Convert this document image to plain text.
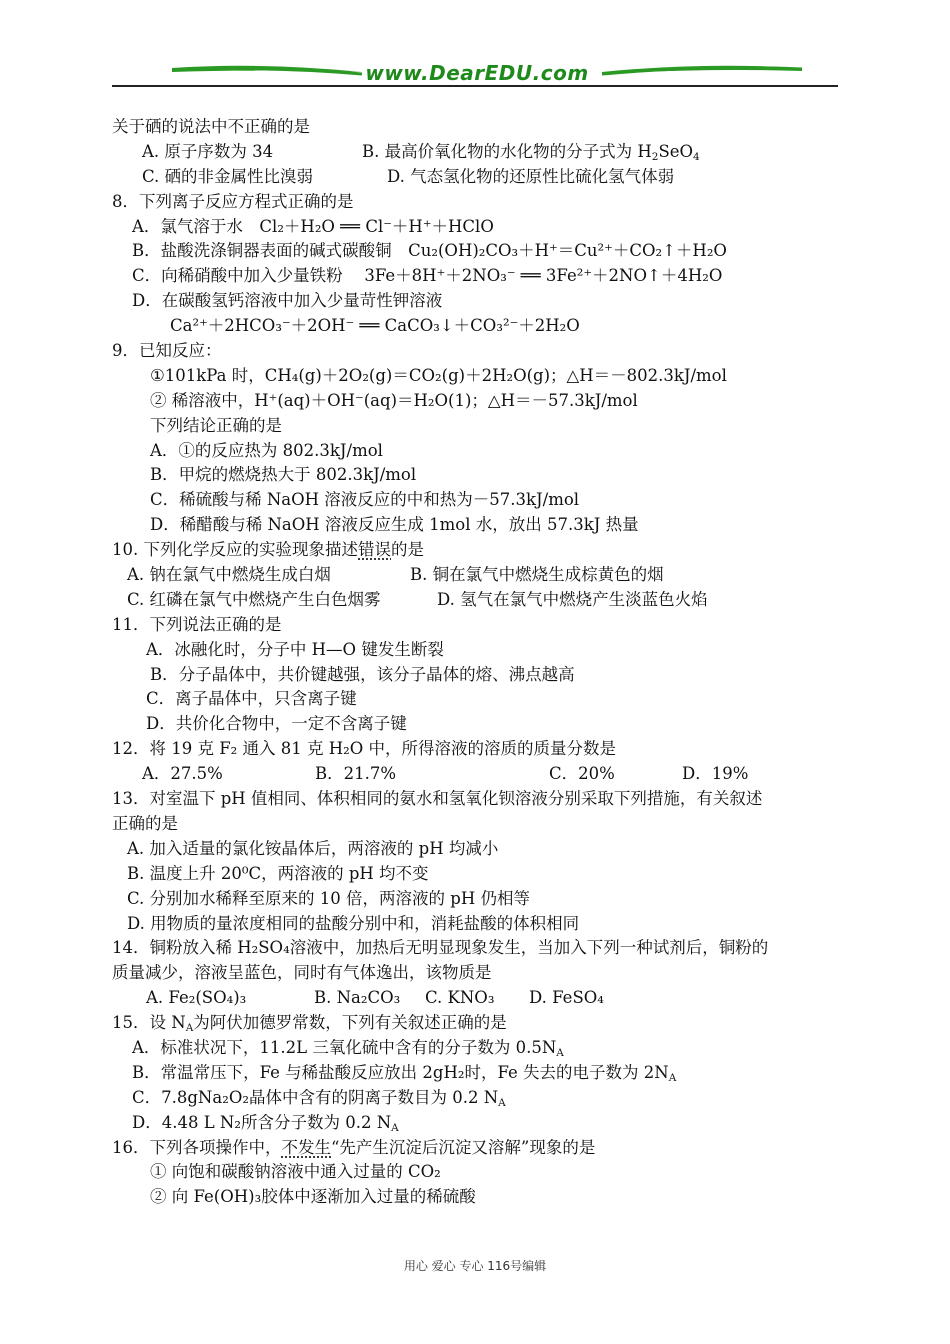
www.DearEDU.com
关于硒的说法中不正确的是
A. 原子序数为 34	B. 最高价氧化物的水化物的分子式为 $H_2SeO_4$
C. 硒的非金属性比溴弱	D. 气态氢化物的还原性比硫化氢气体弱
8．下列离子反应方程式正确的是
A．氯气溶于水　Cl₂＋H₂O ══ Cl⁻＋H⁺＋HClO
B．盐酸洗涤铜器表面的碱式碳酸铜　Cu₂(OH)₂CO₃＋H⁺＝Cu²⁺＋CO₂↑＋H₂O
C．向稀硝酸中加入少量铁粉　 3Fe＋8H⁺＋2NO₃⁻ ══ 3Fe²⁺＋2NO↑＋4H₂O
D．在碳酸氢钙溶液中加入少量苛性钾溶液
Ca²⁺＋2HCO₃⁻＋2OH⁻ ══ CaCO₃↓＋CO₃²⁻＋2H₂O
9．已知反应：
①101kPa 时，CH₄(g)＋2O₂(g)＝CO₂(g)＋2H₂O(g)；△H＝－802.3kJ/mol
② 稀溶液中，H⁺(aq)＋OH⁻(aq)＝H₂O(1)；△H＝－57.3kJ/mol
下列结论正确的是
A．①的反应热为 802.3kJ/mol
B．甲烷的燃烧热大于 802.3kJ/mol
C．稀硫酸与稀 NaOH 溶液反应的中和热为－57.3kJ/mol
D．稀醋酸与稀 NaOH 溶液反应生成 1mol 水，放出 57.3kJ 热量
10. 下列化学反应的实验现象描述错误的是
A. 钠在氯气中燃烧生成白烟	B. 铜在氯气中燃烧生成棕黄色的烟
C. 红磷在氯气中燃烧产生白色烟雾	D. 氢气在氯气中燃烧产生淡蓝色火焰
11．下列说法正确的是
A．冰融化时，分子中 H—O 键发生断裂
B．分子晶体中，共价键越强，该分子晶体的熔、沸点越高
C．离子晶体中，只含离子键
D．共价化合物中，一定不含离子键
12．将 19 克 F₂ 通入 81 克 H₂O 中，所得溶液的溶质的质量分数是
A．27.5%	B．21.7%	C．20%	D．19%
13．对室温下 pH 值相同、体积相同的氨水和氢氧化钡溶液分别采取下列措施，有关叙述
正确的是
A. 加入适量的氯化铵晶体后，两溶液的 pH 均减小
B. 温度上升 20⁰C，两溶液的 pH 均不变
C. 分别加水稀释至原来的 10 倍，两溶液的 pH 仍相等
D. 用物质的量浓度相同的盐酸分别中和，消耗盐酸的体积相同
14．铜粉放入稀 H₂SO₄溶液中，加热后无明显现象发生，当加入下列一种试剂后，铜粉的
质量减少，溶液呈蓝色，同时有气体逸出，该物质是
A. Fe₂(SO₄)₃	B. Na₂CO₃ C. KNO₃ D. FeSO₄
15．设 $N_A$为阿伏加德罗常数，下列有关叙述正确的是
A．标准状况下，11.2L 三氧化硫中含有的分子数为 $0.5N_A$
B．常温常压下，Fe 与稀盐酸反应放出 2gH₂时，Fe 失去的电子数为 $2N_A$
C．7.8gNa₂O₂晶体中含有的阴离子数目为 0.2 $N_A$
D．4.48 L N₂所含分子数为 0.2 $N_A$
16．下列各项操作中，不发生“先产生沉淀后沉淀又溶解”现象的是
① 向饱和碳酸钠溶液中通入过量的 CO₂
② 向 Fe(OH)₃胶体中逐渐加入过量的稀硫酸
用心 爱心 专心 116号编辑
